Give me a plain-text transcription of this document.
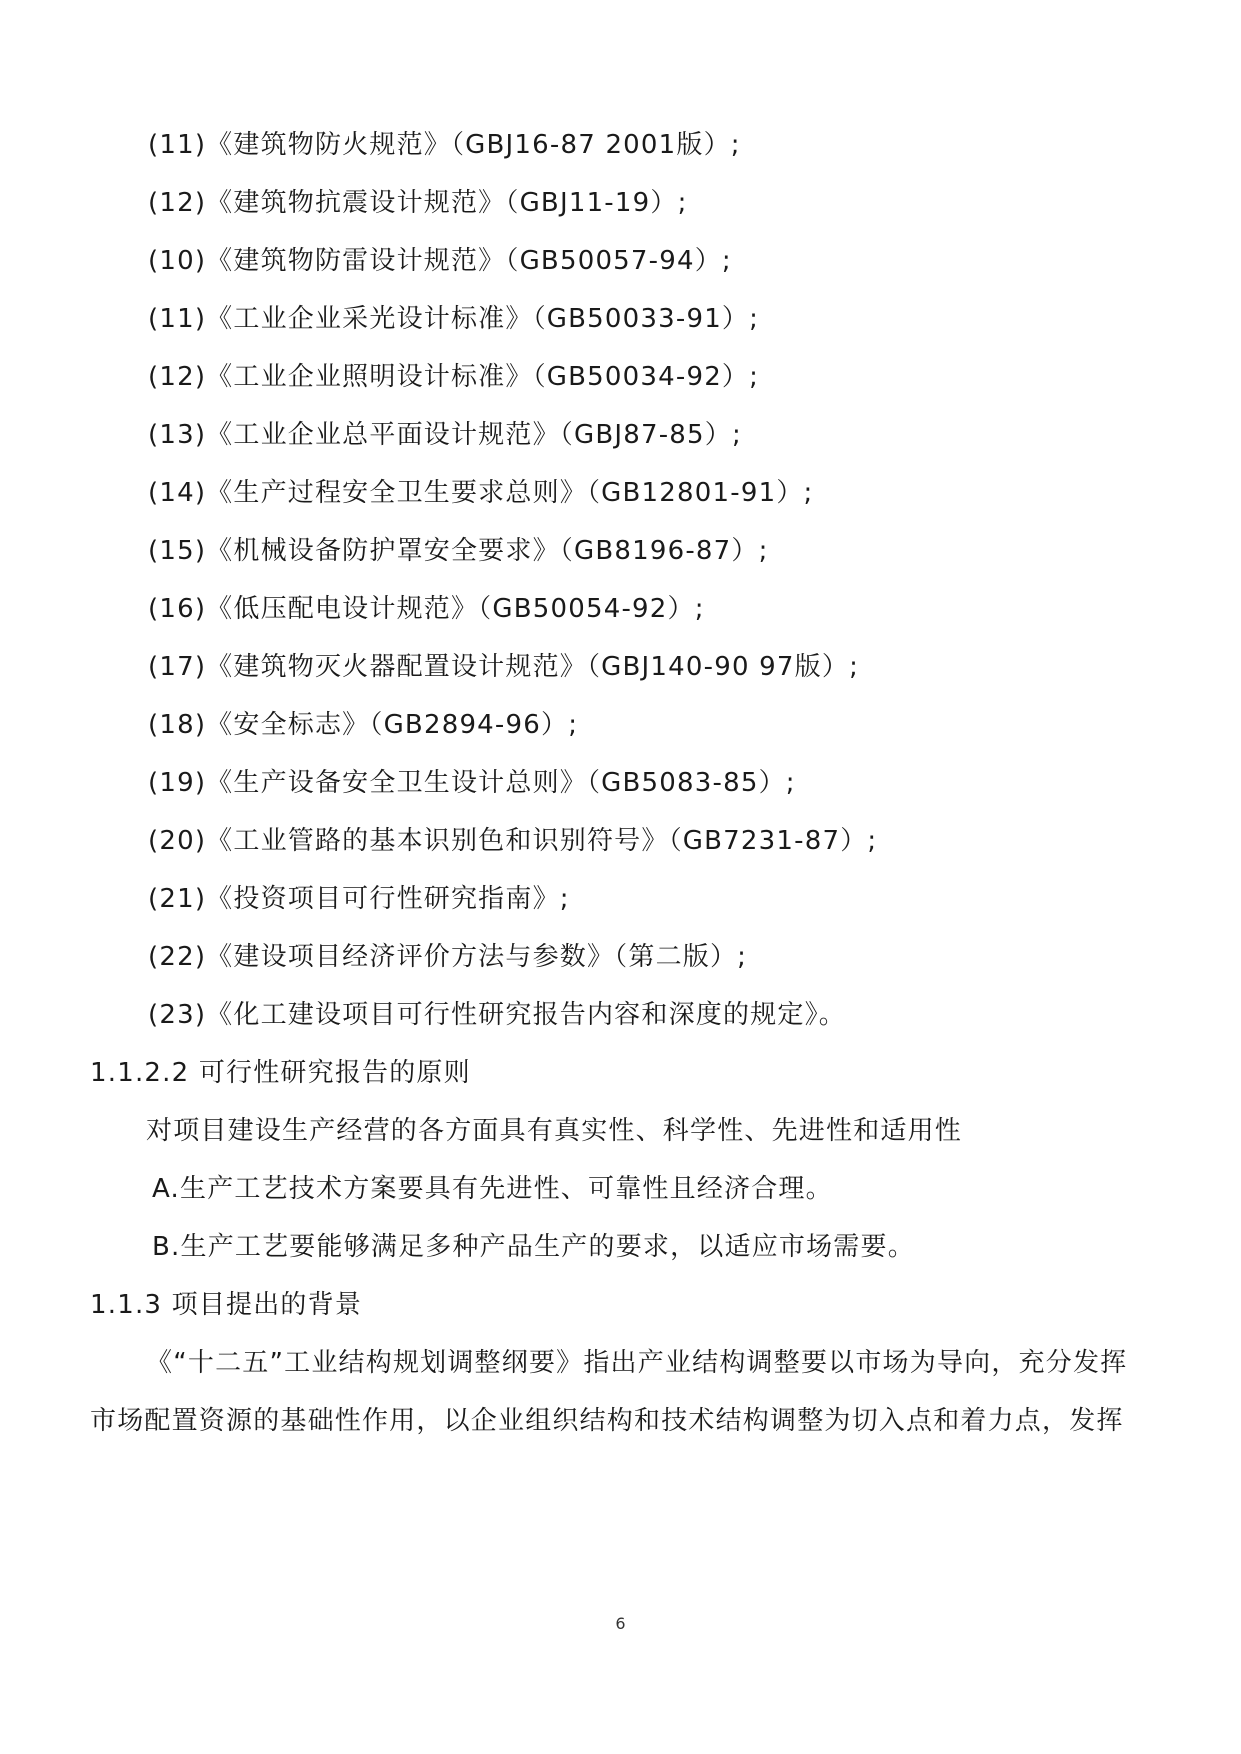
(11)《建筑物防火规范》（GBJ16-87 2001版）;
(12)《建筑物抗震设计规范》（GBJ11-19）;
(10)《建筑物防雷设计规范》（GB50057-94）;
(11)《工业企业采光设计标准》（GB50033-91）;
(12)《工业企业照明设计标准》（GB50034-92）;
(13)《工业企业总平面设计规范》（GBJ87-85）;
(14)《生产过程安全卫生要求总则》（GB12801-91）;
(15)《机械设备防护罩安全要求》（GB8196-87）;
(16)《低压配电设计规范》（GB50054-92）;
(17)《建筑物灭火器配置设计规范》（GBJ140-90 97版）;
(18)《安全标志》（GB2894-96）;
(19)《生产设备安全卫生设计总则》（GB5083-85）;
(20)《工业管路的基本识别色和识别符号》（GB7231-87）;
(21)《投资项目可行性研究指南》;
(22)《建设项目经济评价方法与参数》（第二版）;
(23)《化工建设项目可行性研究报告内容和深度的规定》。
1.1.2.2 可行性研究报告的原则
对项目建设生产经营的各方面具有真实性、科学性、先进性和适用性
A.生产工艺技术方案要具有先进性、可靠性且经济合理。
B.生产工艺要能够满足多种产品生产的要求，以适应市场需要。
1.1.3 项目提出的背景
《“十二五”工业结构规划调整纲要》指出产业结构调整要以市场为导向，充分发挥
市场配置资源的基础性作用，以企业组织结构和技术结构调整为切入点和着力点，发挥
6
